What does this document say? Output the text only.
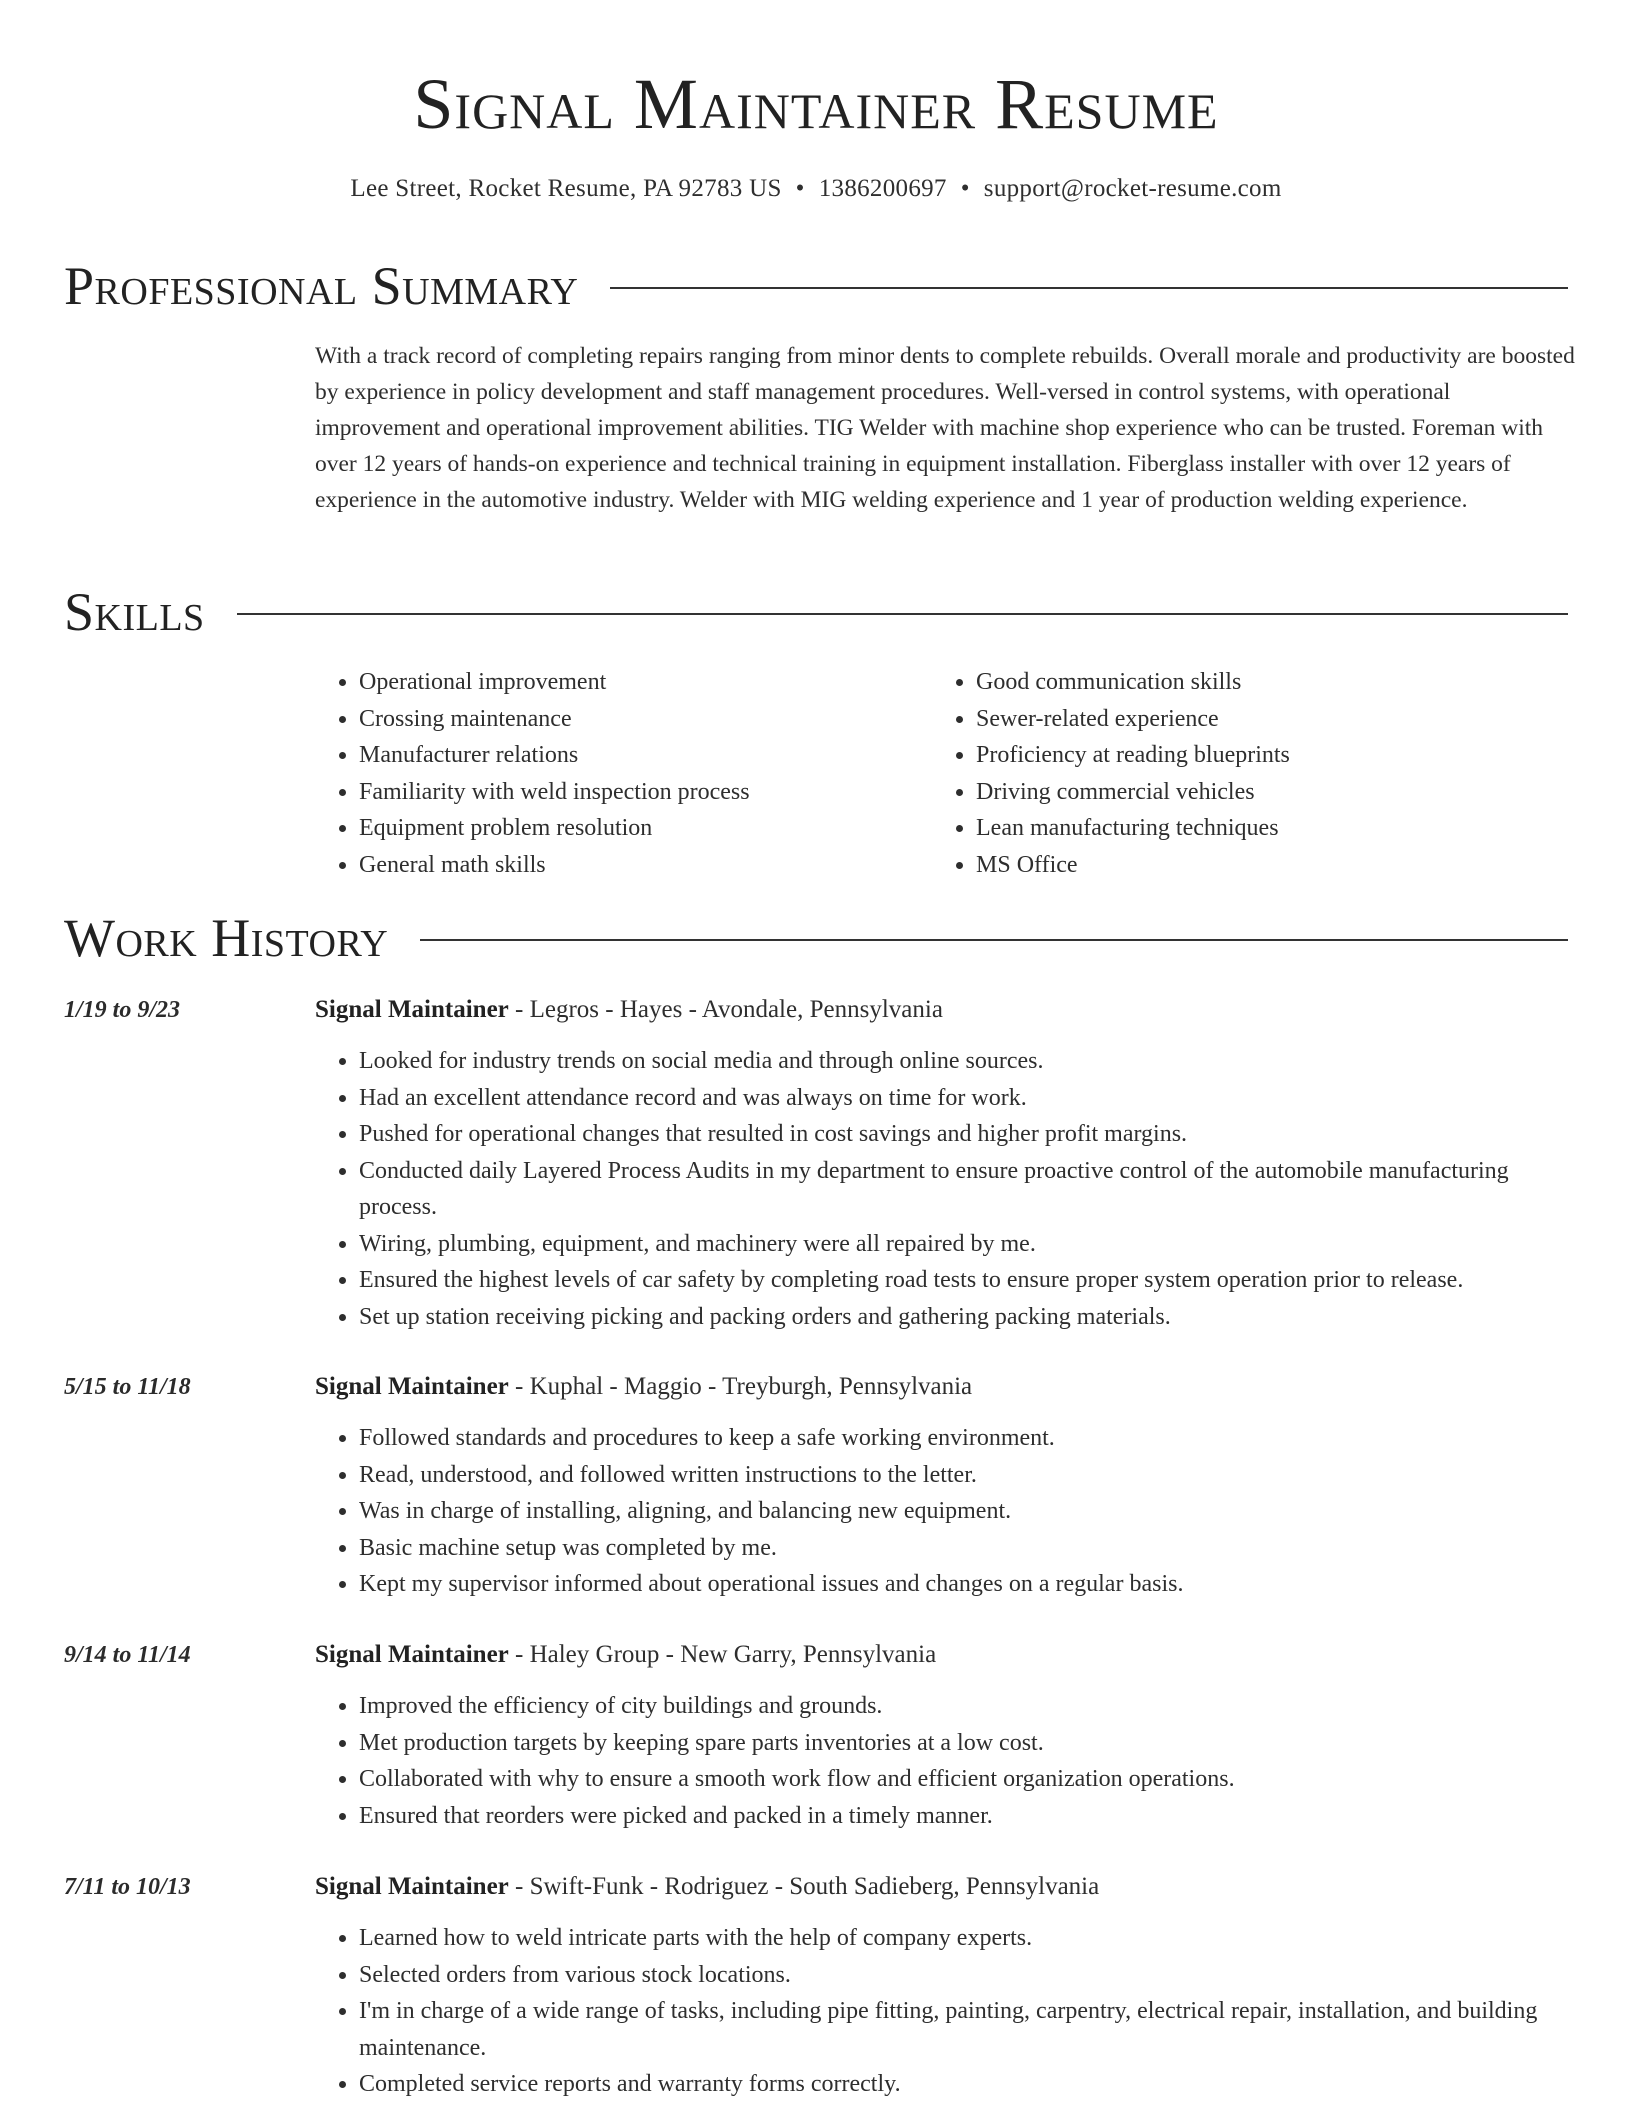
Signal Maintainer Resume
Lee Street, Rocket Resume, PA 92783 US • 1386200697 • support@rocket-resume.com
Professional Summary

With a track record of completing repairs ranging from minor dents to complete rebuilds. Overall morale and productivity are boosted by experience in policy development and staff management procedures. Well-versed in control systems, with operational improvement and operational improvement abilities. TIG Welder with machine shop experience who can be trusted. Foreman with over 12 years of hands-on experience and technical training in equipment installation. Fiberglass installer with over 12 years of experience in the automotive industry. Welder with MIG welding experience and 1 year of production welding experience.

Skills
• Operational improvement
• Crossing maintenance
• Manufacturer relations
• Familiarity with weld inspection process
• Equipment problem resolution
• General math skills
• Good communication skills
• Sewer-related experience
• Proficiency at reading blueprints
• Driving commercial vehicles
• Lean manufacturing techniques
• MS Office
Work History
1/19 to 9/23	Signal Maintainer - Legros - Hayes - Avondale, Pennsylvania
• Looked for industry trends on social media and through online sources.
• Had an excellent attendance record and was always on time for work.
• Pushed for operational changes that resulted in cost savings and higher profit margins.
• Conducted daily Layered Process Audits in my department to ensure proactive control of the automobile manufacturing process.
• Wiring, plumbing, equipment, and machinery were all repaired by me.
• Ensured the highest levels of car safety by completing road tests to ensure proper system operation prior to release.
• Set up station receiving picking and packing orders and gathering packing materials.
5/15 to 11/18	Signal Maintainer - Kuphal - Maggio - Treyburgh, Pennsylvania
• Followed standards and procedures to keep a safe working environment.
• Read, understood, and followed written instructions to the letter.
• Was in charge of installing, aligning, and balancing new equipment.
• Basic machine setup was completed by me.
• Kept my supervisor informed about operational issues and changes on a regular basis.
9/14 to 11/14	Signal Maintainer - Haley Group - New Garry, Pennsylvania
• Improved the efficiency of city buildings and grounds.
• Met production targets by keeping spare parts inventories at a low cost.
• Collaborated with why to ensure a smooth work flow and efficient organization operations.
• Ensured that reorders were picked and packed in a timely manner.
7/11 to 10/13	Signal Maintainer - Swift-Funk - Rodriguez - South Sadieberg, Pennsylvania
• Learned how to weld intricate parts with the help of company experts.
• Selected orders from various stock locations.
• I'm in charge of a wide range of tasks, including pipe fitting, painting, carpentry, electrical repair, installation, and building maintenance.
• Completed service reports and warranty forms correctly.
